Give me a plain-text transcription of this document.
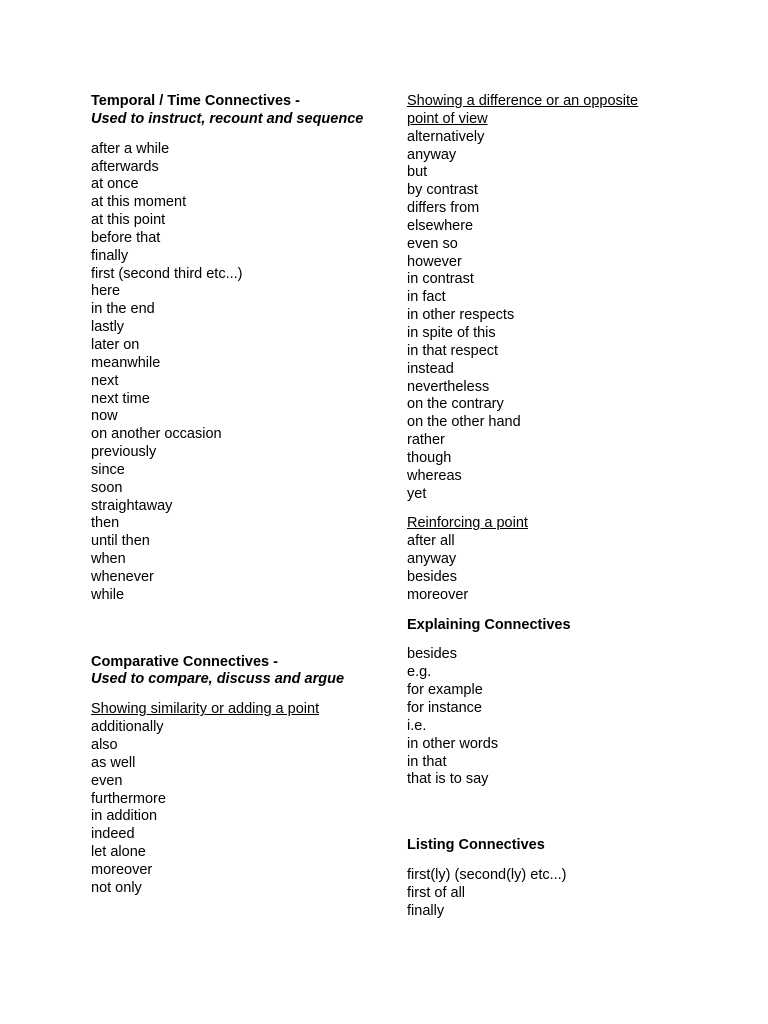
Temporal / Time Connectives -
Used to instruct, recount and sequence
after a while
afterwards
at once
at this moment
at this point
before that
finally
first (second third etc...)
here
in the end
lastly
later on
meanwhile
next
next time
now
on another occasion
previously
since
soon
straightaway
then
until then
when
whenever
while
Comparative Connectives -
Used to compare, discuss and argue
Showing similarity or adding a point
additionally
also
as well
even
furthermore
in addition
indeed
let alone
moreover
not only
Showing a difference or an opposite point of view
alternatively
anyway
but
by contrast
differs from
elsewhere
even so
however
in contrast
in fact
in other respects
in spite of this
in that respect
instead
nevertheless
on the contrary
on the other hand
rather
though
whereas
yet
Reinforcing a point
after all
anyway
besides
moreover
Explaining Connectives
besides
e.g.
for example
for instance
i.e.
in other words
in that
that is to say
Listing Connectives
first(ly) (second(ly) etc...)
first of all
finally
